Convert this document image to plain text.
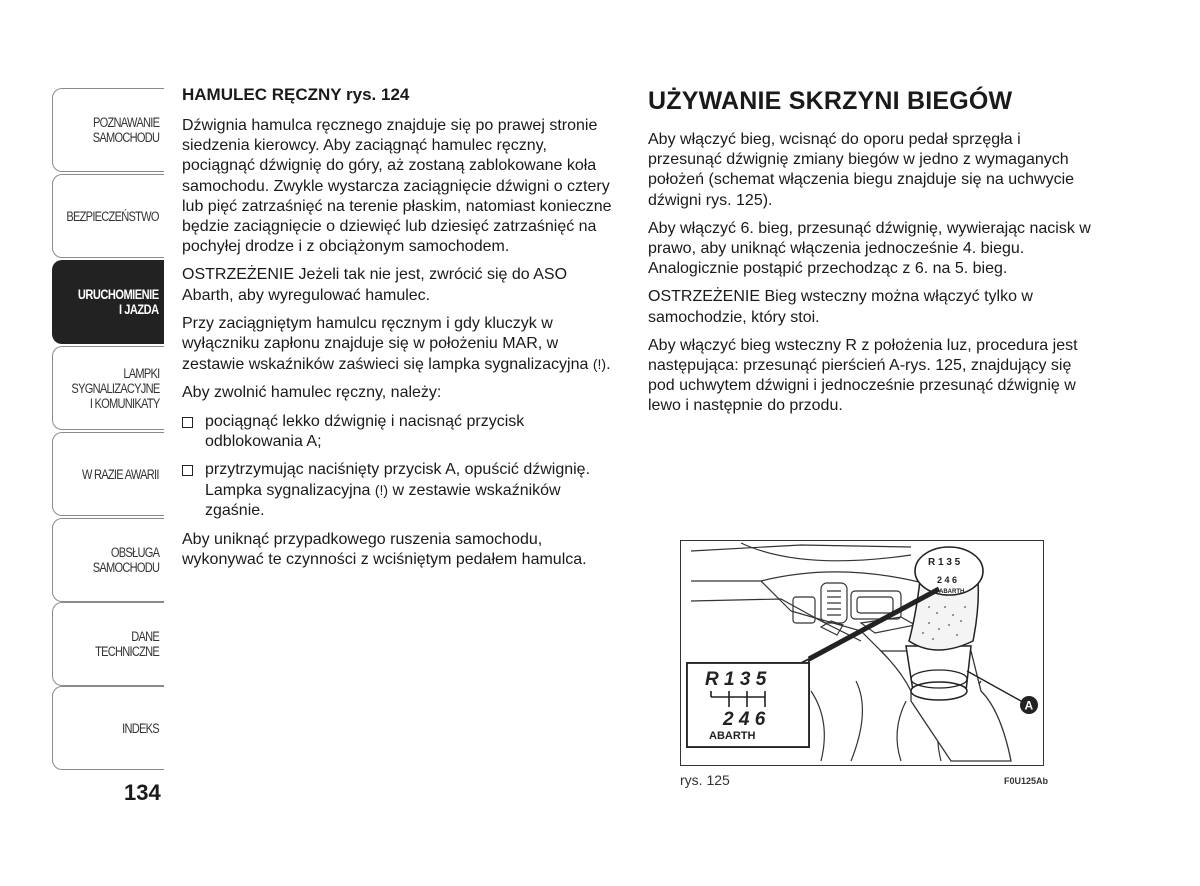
POZNAWANIE
SAMOCHODU
BEZPIECZEŃSTWO
URUCHOMIENIE
I JAZDA
LAMPKI
SYGNALIZACYJNE
I KOMUNIKATY
W RAZIE AWARII
OBSŁUGA
SAMOCHODU
DANE
TECHNICZNE
INDEKS
134
HAMULEC RĘCZNY rys. 124

Dźwignia hamulca ręcznego znajduje się po prawej stronie siedzenia kierowcy. Aby zaciągnąć hamulec ręczny, pociągnąć dźwignię do góry, aż zostaną zablokowane koła samochodu. Zwykle wystarcza zaciągnięcie dźwigni o cztery lub pięć zatrzaśnięć na terenie płaskim, natomiast konieczne będzie zaciągnięcie o dziewięć lub dziesięć zatrzaśnięć na pochyłej drodze i z obciążonym samochodem.

OSTRZEŻENIE Jeżeli tak nie jest, zwrócić się do ASO Abarth, aby wyregulować hamulec.

Przy zaciągniętym hamulcu ręcznym i gdy kluczyk w wyłączniku zapłonu znajduje się w położeniu MAR, w zestawie wskaźników zaświeci się lampka sygnalizacyjna (!).

Aby zwolnić hamulec ręczny, należy:

pociągnąć lekko dźwignię i nacisnąć przycisk odblokowania A;
przytrzymując naciśnięty przycisk A, opuścić dźwignię. Lampka sygnalizacyjna (!) w zestawie wskaźników zgaśnie.

Aby uniknąć przypadkowego ruszenia samochodu, wykonywać te czynności z wciśniętym pedałem hamulca.

UŻYWANIE SKRZYNI BIEGÓW

Aby włączyć bieg, wcisnąć do oporu pedał sprzęgła i przesunąć dźwignię zmiany biegów w jedno z wymaganych położeń (schemat włączenia biegu znajduje się na uchwycie dźwigni rys. 125).

Aby włączyć 6. bieg, przesunąć dźwignię, wywierając nacisk w prawo, aby uniknąć włączenia jednocześnie 4. biegu. Analogicznie postąpić przechodząc z 6. na 5. bieg.

OSTRZEŻENIE Bieg wsteczny można włączyć tylko w samochodzie, który stoi.

Aby włączyć bieg wsteczny R z położenia luz, procedura jest następująca: przesunąć pierścień A-rys. 125, znajdujący się pod uchwytem dźwigni i jednocześnie przesunąć dźwignię w lewo i następnie do przodu.

R 1 3 5
2 4 6
ABARTH
R 1 3 5
2 4 6
ABARTH
A
rys. 125	F0U125Ab
